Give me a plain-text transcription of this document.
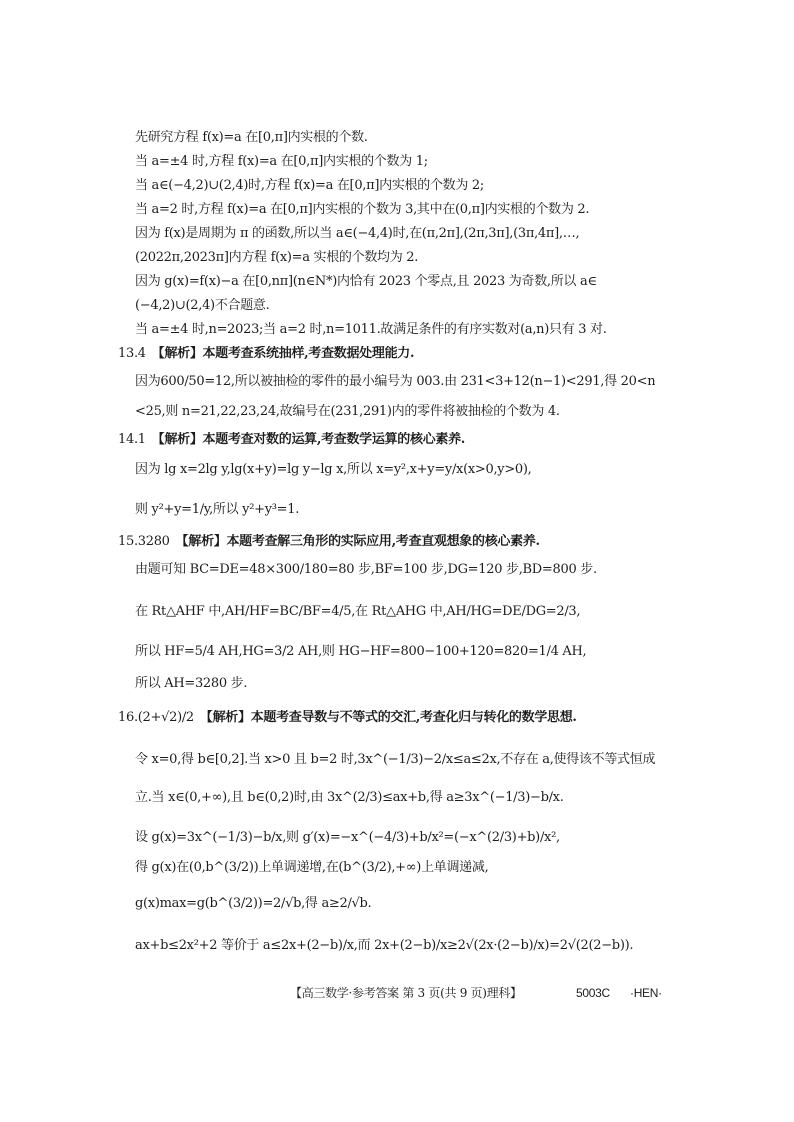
先研究方程 f(x)=a 在[0,π]内实根的个数.
当 a=±4 时,方程 f(x)=a 在[0,π]内实根的个数为 1;
当 a∈(−4,2)∪(2,4)时,方程 f(x)=a 在[0,π]内实根的个数为 2;
当 a=2 时,方程 f(x)=a 在[0,π]内实根的个数为 3,其中在(0,π]内实根的个数为 2.
因为 f(x)是周期为 π 的函数,所以当 a∈(−4,4)时,在(π,2π],(2π,3π],(3π,4π],…,
(2022π,2023π]内方程 f(x)=a 实根的个数均为 2.
因为 g(x)=f(x)−a 在[0,nπ](n∈N*)内恰有 2023 个零点,且 2023 为奇数,所以 a∈
(−4,2)∪(2,4)不合题意.
当 a=±4 时,n=2023;当 a=2 时,n=1011.故满足条件的有序实数对(a,n)只有 3 对.
13.4 【解析】本题考查系统抽样,考查数据处理能力.
因为600/50=12,所以被抽检的零件的最小编号为 003.由 231<3+12(n−1)<291,得 20<n
<25,则 n=21,22,23,24,故编号在(231,291)内的零件将被抽检的个数为 4.
14.1 【解析】本题考查对数的运算,考查数学运算的核心素养.
因为 lg x=2lg y,lg(x+y)=lg y−lg x,所以 x=y²,x+y=y/x(x>0,y>0),
则 y²+y=1/y,所以 y²+y³=1.
15.3280 【解析】本题考查解三角形的实际应用,考查直观想象的核心素养.
由题可知 BC=DE=48×300/180=80 步,BF=100 步,DG=120 步,BD=800 步.
在 Rt△AHF 中,AH/HF=BC/BF=4/5,在 Rt△AHG 中,AH/HG=DE/DG=2/3,
所以 HF=5/4 AH,HG=3/2 AH,则 HG−HF=800−100+120=820=1/4 AH,
所以 AH=3280 步.
16.(2+√2)/2 【解析】本题考查导数与不等式的交汇,考查化归与转化的数学思想.
令 x=0,得 b∈[0,2].当 x>0 且 b=2 时,3x^(−1/3)−2/x≤a≤2x,不存在 a,使得该不等式恒成
立.当 x∈(0,+∞),且 b∈(0,2)时,由 3x^(2/3)≤ax+b,得 a≥3x^(−1/3)−b/x.
设 g(x)=3x^(−1/3)−b/x,则 g′(x)=−x^(−4/3)+b/x²=(−x^(2/3)+b)/x²,
得 g(x)在(0,b^(3/2))上单调递增,在(b^(3/2),+∞)上单调递减,
g(x)max=g(b^(3/2))=2/√b,得 a≥2/√b.
ax+b≤2x²+2 等价于 a≤2x+(2−b)/x,而 2x+(2−b)/x≥2√(2x·(2−b)/x)=2√(2(2−b)).
【高三数学·参考答案 第 3 页(共 9 页)理科】	5003C ·HEN·
